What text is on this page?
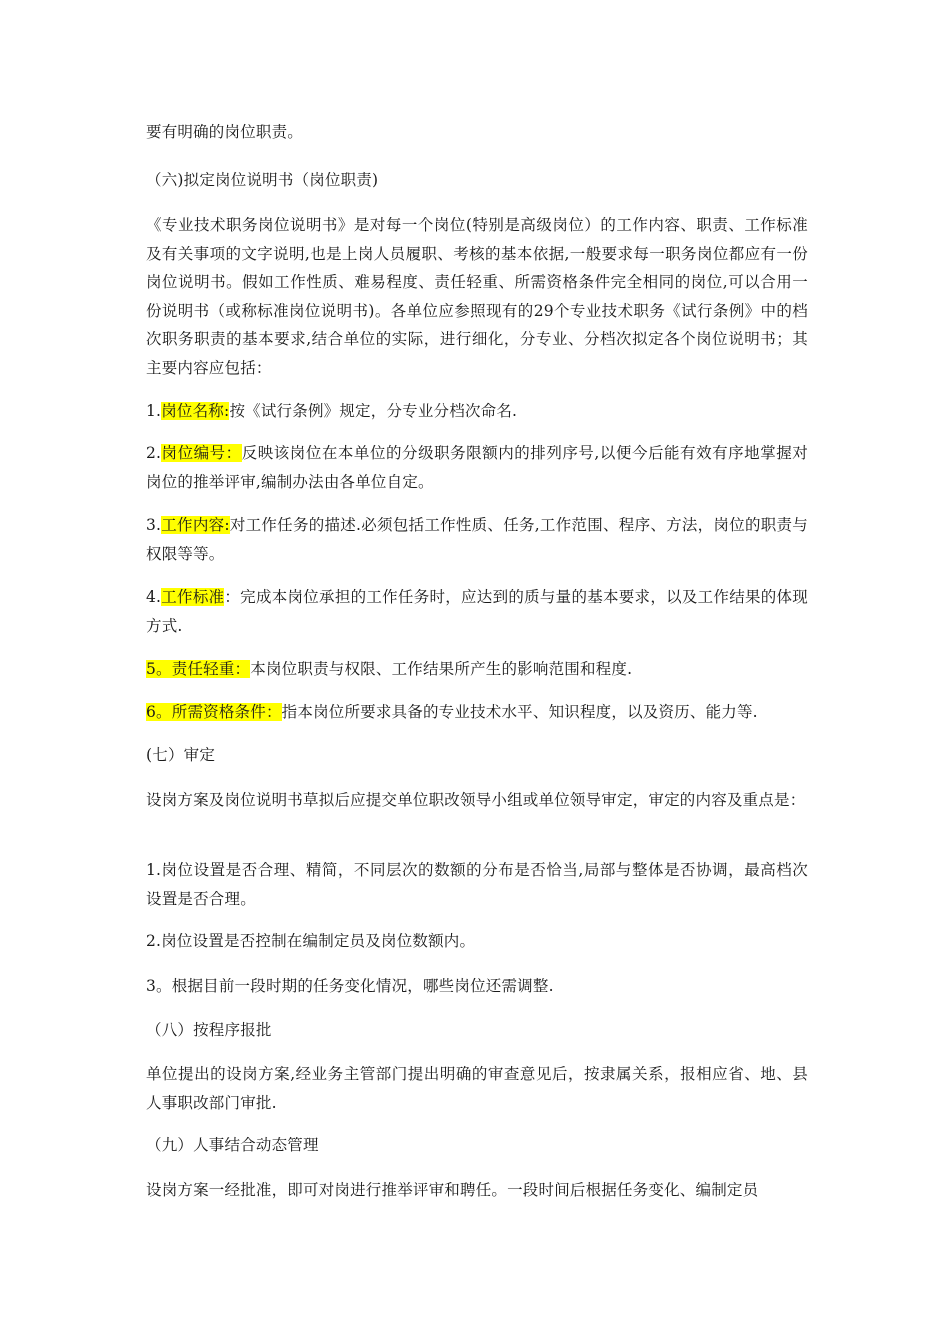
要有明确的岗位职责。
（六)拟定岗位说明书（岗位职责)
《专业技术职务岗位说明书》是对每一个岗位(特别是高级岗位）的工作内容、职责、工作标准及有关事项的文字说明,也是上岗人员履职、考核的基本依据,一般要求每一职务岗位都应有一份岗位说明书。假如工作性质、难易程度、责任轻重、所需资格条件完全相同的岗位,可以合用一份说明书（或称标准岗位说明书)。各单位应参照现有的29个专业技术职务《试行条例》中的档次职务职责的基本要求,结合单位的实际，进行细化，分专业、分档次拟定各个岗位说明书；其主要内容应包括：
1.岗位名称:按《试行条例》规定，分专业分档次命名.
2.岗位编号：反映该岗位在本单位的分级职务限额内的排列序号,以便今后能有效有序地掌握对岗位的推举评审,编制办法由各单位自定。
3.工作内容:对工作任务的描述.必须包括工作性质、任务,工作范围、程序、方法，岗位的职责与权限等等。
4.工作标准：完成本岗位承担的工作任务时，应达到的质与量的基本要求，以及工作结果的体现方式.
5。责任轻重：本岗位职责与权限、工作结果所产生的影响范围和程度.
6。所需资格条件：指本岗位所要求具备的专业技术水平、知识程度，以及资历、能力等.
(七）审定
设岗方案及岗位说明书草拟后应提交单位职改领导小组或单位领导审定，审定的内容及重点是：
1.岗位设置是否合理、精简，不同层次的数额的分布是否恰当,局部与整体是否协调，最高档次设置是否合理。
2.岗位设置是否控制在编制定员及岗位数额内。
3。根据目前一段时期的任务变化情况，哪些岗位还需调整.
（八）按程序报批
单位提出的设岗方案,经业务主管部门提出明确的审查意见后，按隶属关系，报相应省、地、县人事职改部门审批.
（九）人事结合动态管理
设岗方案一经批准，即可对岗进行推举评审和聘任。一段时间后根据任务变化、编制定员
